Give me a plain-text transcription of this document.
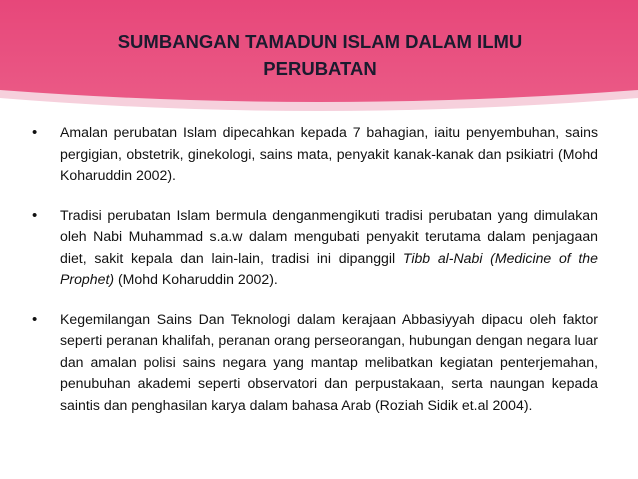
SUMBANGAN TAMADUN ISLAM DALAM ILMU
PERUBATAN
• Amalan perubatan Islam dipecahkan kepada 7 bahagian, iaitu penyembuhan, sains pergigian, obstetrik, ginekologi, sains mata, penyakit kanak-kanak dan psikiatri (Mohd Koharuddin 2002).
• Tradisi perubatan Islam bermula denganmengikuti tradisi perubatan yang dimulakan oleh Nabi Muhammad s.a.w dalam mengubati penyakit terutama dalam penjagaan diet, sakit kepala dan lain-lain, tradisi ini dipanggil Tibb al-Nabi (Medicine of the Prophet) (Mohd Koharuddin 2002).
• Kegemilangan Sains Dan Teknologi dalam kerajaan Abbasiyyah dipacu oleh faktor seperti peranan khalifah, peranan orang perseorangan, hubungan dengan negara luar dan amalan polisi sains negara yang mantap melibatkan kegiatan penterjemahan, penubuhan akademi seperti observatori dan perpustakaan, serta naungan kepada saintis dan penghasilan karya dalam bahasa Arab (Roziah Sidik et.al 2004).
